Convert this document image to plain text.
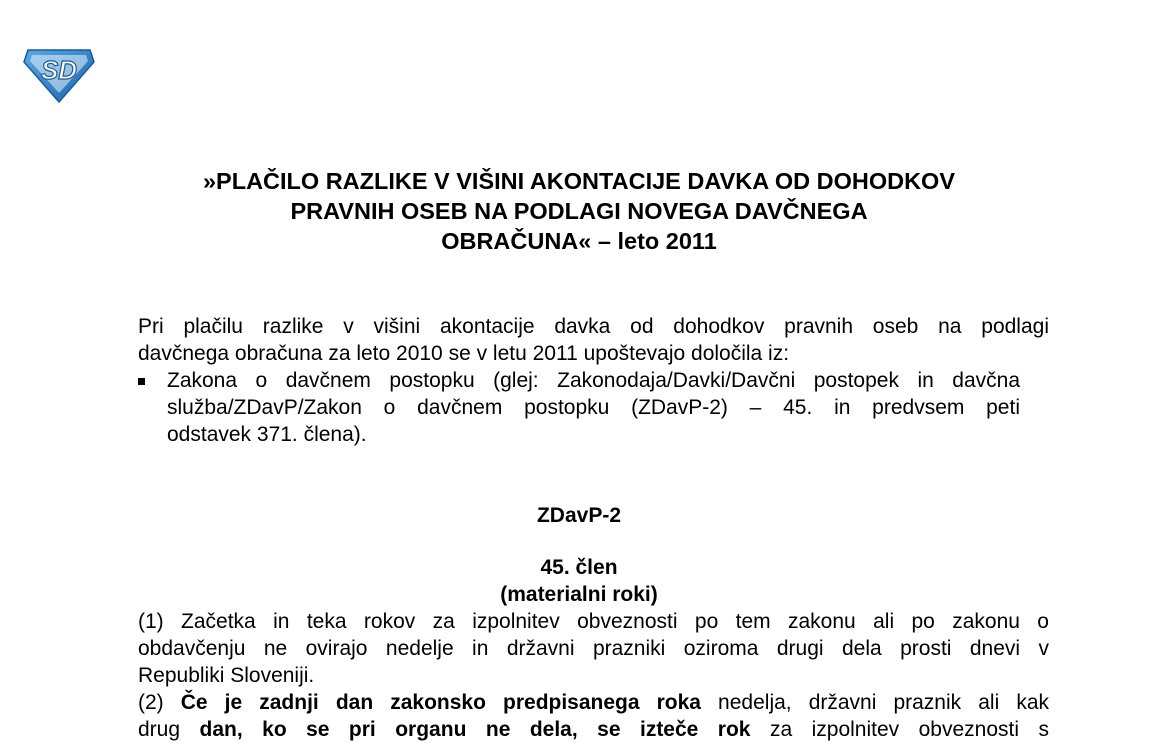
SD
»PLAČILO RAZLIKE V VIŠINI AKONTACIJE DAVKA OD DOHODKOV
PRAVNIH OSEB NA PODLAGI NOVEGA DAVČNEGA
OBRAČUNA« – leto 2011
Pri plačilu razlike v višini akontacije davka od dohodkov pravnih oseb na podlagi
davčnega obračuna za leto 2010 se v letu 2011 upoštevajo določila iz:
Zakona o davčnem postopku (glej: Zakonodaja/Davki/Davčni postopek in davčna
služba/ZDavP/Zakon o davčnem postopku (ZDavP-2) – 45. in predvsem peti
odstavek 371. člena).
ZDavP-2
45. člen
(materialni roki)
(1) Začetka in teka rokov za izpolnitev obveznosti po tem zakonu ali po zakonu o
obdavčenju ne ovirajo nedelje in državni prazniki oziroma drugi dela prosti dnevi v
Republiki Sloveniji.
(2) Če je zadnji dan zakonsko predpisanega roka nedelja, državni praznik ali kak
drug dan, ko se pri organu ne dela, se izteče rok za izpolnitev obveznosti s
